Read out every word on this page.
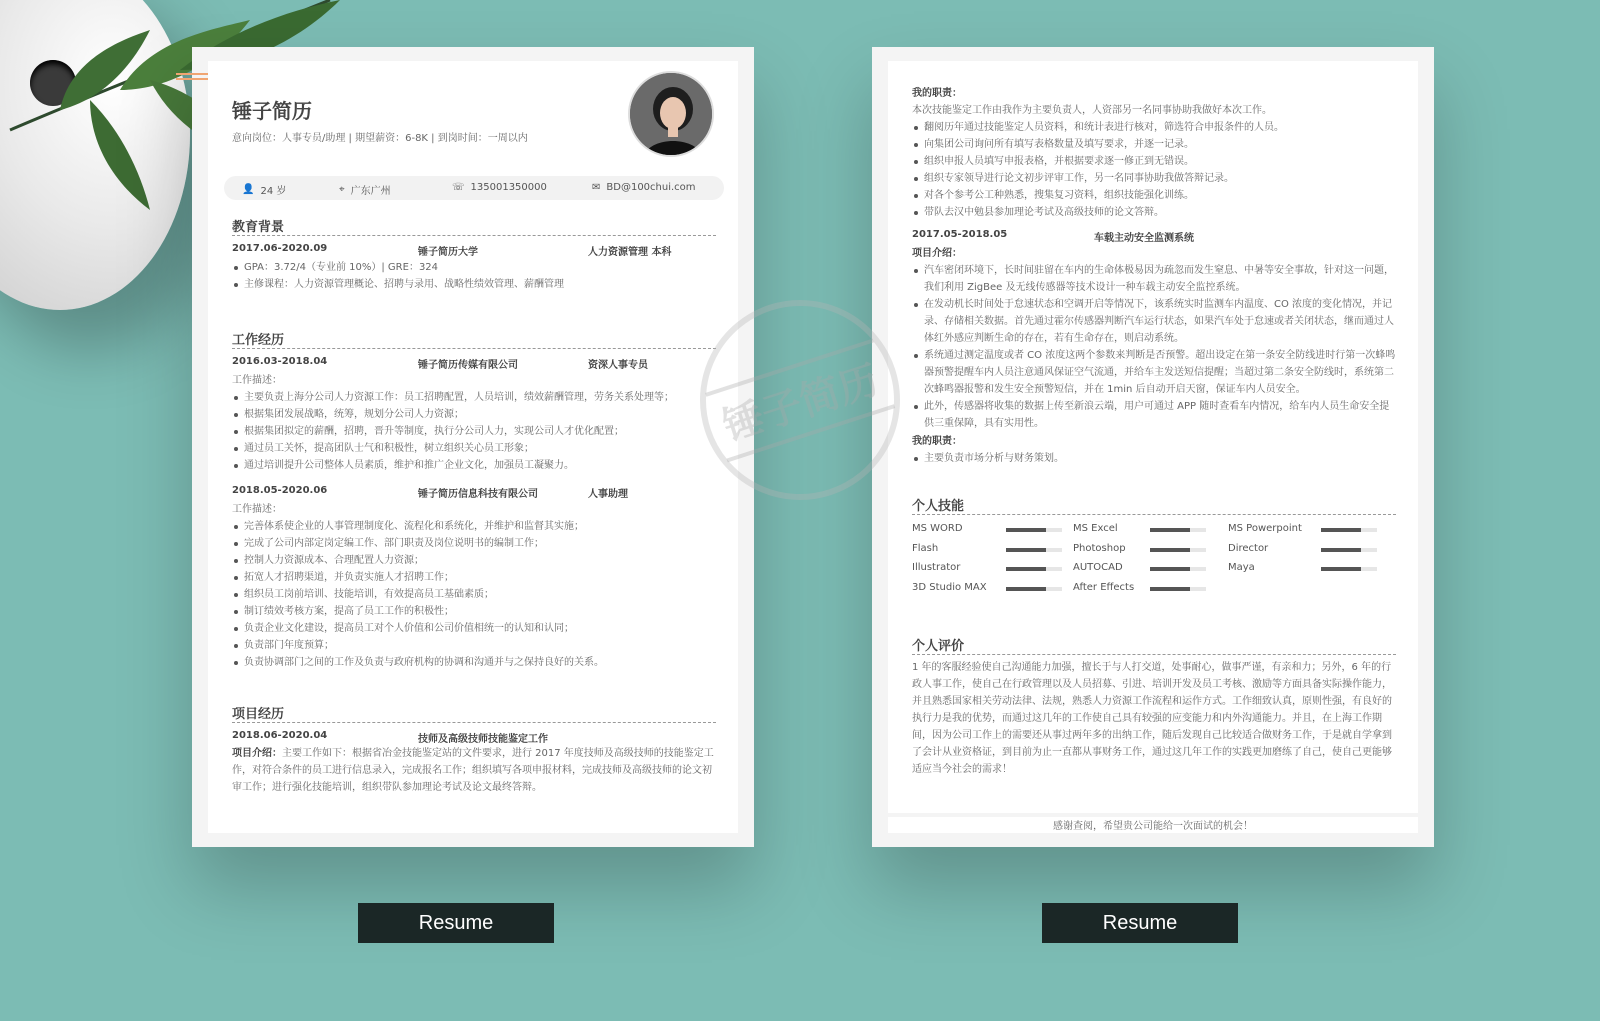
锤子简历
意向岗位：人事专员/助理 | 期望薪资：6-8K | 到岗时间：一周以内
👤 24 岁	⌖ 广东广州	☏ 135001350000	✉ BD@100chui.com
教育背景
2017.06-2020.09	锤子简历大学	人力资源管理 本科
GPA：3.72/4（专业前 10%）| GRE：324
主修课程：人力资源管理概论、招聘与录用、战略性绩效管理、薪酬管理
工作经历
2016.03-2018.04	锤子简历传媒有限公司	资深人事专员
工作描述：
主要负责上海分公司人力资源工作：员工招聘配置，人员培训，绩效薪酬管理，劳务关系处理等；
根据集团发展战略，统筹，规划分公司人力资源；
根据集团拟定的薪酬，招聘，晋升等制度，执行分公司人力，实现公司人才优化配置；
通过员工关怀，提高团队士气和积极性，树立组织关心员工形象；
通过培训提升公司整体人员素质，维护和推广企业文化，加强员工凝聚力。
2018.05-2020.06	锤子简历信息科技有限公司	人事助理
工作描述：
完善体系使企业的人事管理制度化、流程化和系统化，并维护和监督其实施；
完成了公司内部定岗定编工作、部门职责及岗位说明书的编制工作；
控制人力资源成本、合理配置人力资源；
拓宽人才招聘渠道，并负责实施人才招聘工作；
组织员工岗前培训、技能培训，有效提高员工基础素质；
制订绩效考核方案，提高了员工工作的积极性；
负责企业文化建设，提高员工对个人价值和公司价值相统一的认知和认同；
负责部门年度预算；
负责协调部门之间的工作及负责与政府机构的协调和沟通并与之保持良好的关系。
项目经历
2018.06-2020.04	技师及高级技师技能鉴定工作
项目介绍：主要工作如下：根据省冶金技能鉴定站的文件要求，进行 2017 年度技师及高级技师的技能鉴定工作，对符合条件的员工进行信息录入，完成报名工作；组织填写各项申报材料，完成技师及高级技师的论文初审工作；进行强化技能培训，组织带队参加理论考试及论文最终答辩。
我的职责：
本次技能鉴定工作由我作为主要负责人，人资部另一名同事协助我做好本次工作。
翻阅历年通过技能鉴定人员资料，和统计表进行核对，筛选符合申报条件的人员。
向集团公司询问所有填写表格数量及填写要求，并逐一记录。
组织申报人员填写申报表格，并根据要求逐一修正到无错误。
组织专家领导进行论文初步评审工作，另一名同事协助我做答辩记录。
对各个参考公工种熟悉，搜集复习资料，组织技能强化训练。
带队去汉中勉县参加理论考试及高级技师的论文答辩。
2017.05-2018.05	车载主动安全监测系统
项目介绍：
汽车密闭环境下，长时间驻留在车内的生命体极易因为疏忽而发生窒息、中暑等安全事故，针对这一问题，我们利用 ZigBee 及无线传感器等技术设计一种车载主动安全监控系统。
在发动机长时间处于怠速状态和空调开启等情况下，该系统实时监测车内温度、CO 浓度的变化情况，并记录、存储相关数据。首先通过霍尔传感器判断汽车运行状态，如果汽车处于怠速或者关闭状态，继而通过人体红外感应判断生命的存在，若有生命存在，则启动系统。
系统通过测定温度或者 CO 浓度这两个参数来判断是否预警。超出设定在第一条安全防线进时行第一次蜂鸣器预警提醒车内人员注意通风保证空气流通，并给车主发送短信提醒；当超过第二条安全防线时，系统第二次蜂鸣器报警和发生安全预警短信，并在 1min 后自动开启天窗，保证车内人员安全。
此外，传感器将收集的数据上传至新浪云端，用户可通过 APP 随时查看车内情况，给车内人员生命安全提供三重保障，具有实用性。
我的职责：
主要负责市场分析与财务策划。
个人技能
MS WORD	MS Excel	MS Powerpoint
Flash	Photoshop	Director
Illustrator	AUTOCAD	Maya
3D Studio MAX	After Effects
个人评价
1 年的客服经验使自己沟通能力加强，擅长于与人打交道，处事耐心，做事严谨，有亲和力；另外，6 年的行政人事工作，使自己在行政管理以及人员招募、引进、培训开发及员工考核、激励等方面具备实际操作能力，并且熟悉国家相关劳动法律、法规，熟悉人力资源工作流程和运作方式。工作细致认真，原则性强，有良好的执行力是我的优势，而通过这几年的工作使自己具有较强的应变能力和内外沟通能力。并且，在上海工作期间，因为公司工作上的需要还从事过两年多的出纳工作，随后发现自己比较适合做财务工作，于是就自学拿到了会计从业资格证，到目前为止一直都从事财务工作，通过这几年工作的实践更加磨练了自己，使自己更能够适应当今社会的需求！
感谢查阅，希望贵公司能给一次面试的机会！
锤子简历
Resume	Resume
